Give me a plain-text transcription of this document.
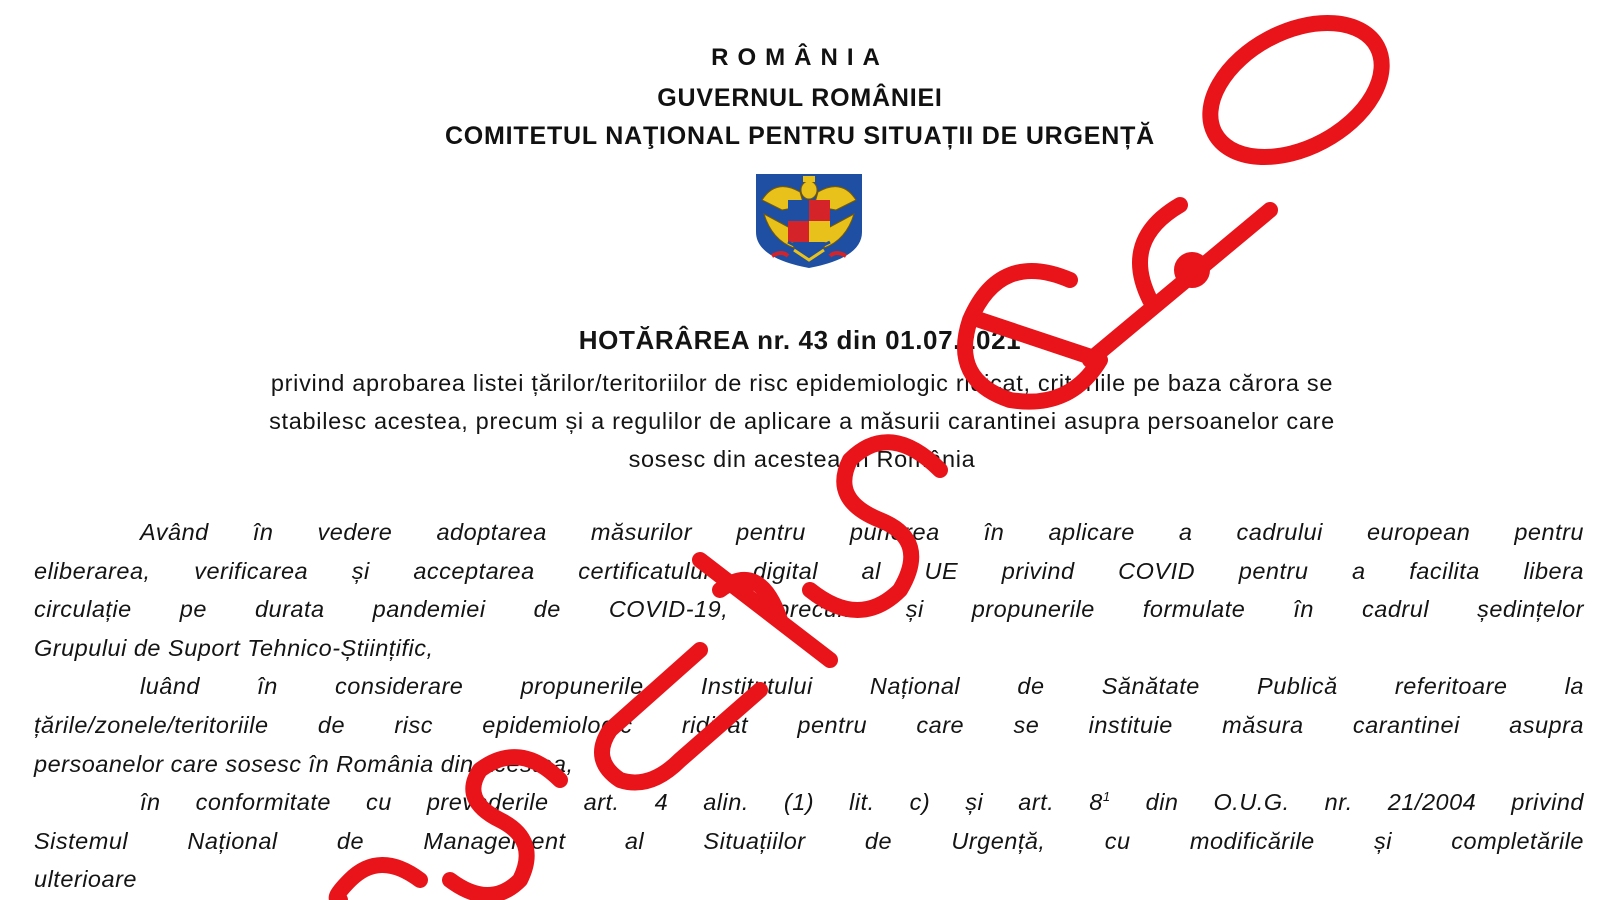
ROMÂNIA
GUVERNUL ROMÂNIEI
COMITETUL NAŢIONAL PENTRU SITUAȚII DE URGENȚĂ
HOTĂRÂREA nr. 43 din 01.07.2021
privind aprobarea listei țărilor/teritoriilor de risc epidemiologic ridicat, criteriile pe baza cărora se
stabilesc acestea, precum și a regulilor de aplicare a măsurii carantinei asupra persoanelor care
sosesc din acestea în România
Având în vedere adoptarea măsurilor pentru punerea în aplicare a cadrului european pentru
eliberarea, verificarea și acceptarea certificatului digital al UE privind COVID pentru a facilita libera
circulație pe durata pandemiei de COVID-19, precum și propunerile formulate în cadrul ședințelor
Grupului de Suport Tehnico-Științific,
luând în considerare propunerile Institutului Național de Sănătate Publică referitoare la
țările/zonele/teritoriile de risc epidemiologic ridicat pentru care se instituie măsura carantinei asupra
persoanelor care sosesc în România din acestea,
în conformitate cu prevederile art. 4 alin. (1) lit. c) și art. $8^1$ din O.U.G. nr. 21/2004 privind
Sistemul Național de Management al Situațiilor de Urgență, cu modificările și completările
ulterioare
